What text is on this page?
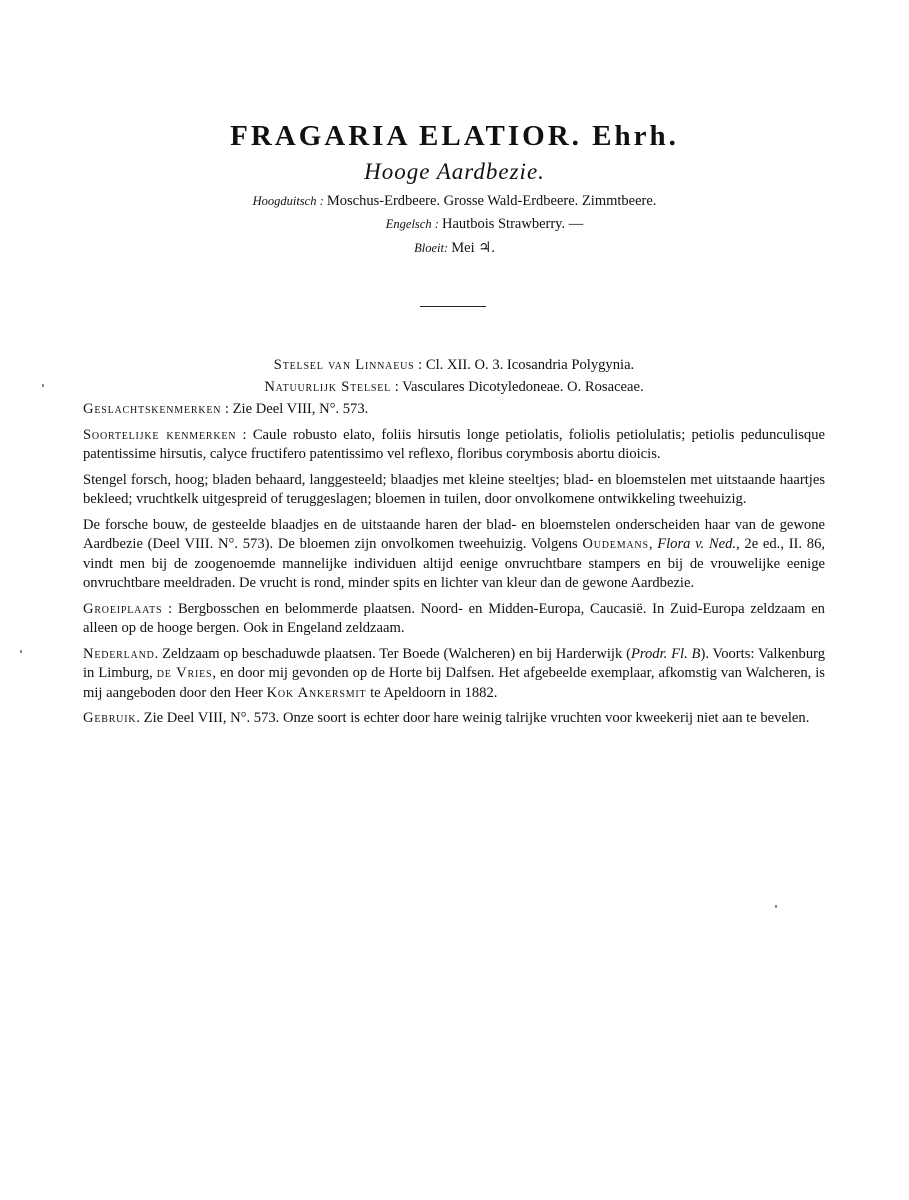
FRAGARIA ELATIOR. Ehrh.
Hooge Aardbezie.
Hoogduitsch : Moschus-Erdbeere. Grosse Wald-Erdbeere. Zimmtbeere.
Engelsch : Hautbois Strawberry. —
Bloeit: Mei ♃.

Stelsel van Linnaeus : Cl. XII. O. 3. Icosandria Polygynia.

Natuurlijk Stelsel : Vasculares Dicotyledoneae. O. Rosaceae.

Geslachtskenmerken : Zie Deel VIII, N°. 573.

Soortelijke kenmerken : Caule robusto elato, foliis hirsutis longe petiolatis, foliolis petiolulatis; petiolis pedunculisque patentissime hirsutis, calyce fructifero patentissimo vel reflexo, floribus corymbosis abortu dioicis.

Stengel forsch, hoog; bladen behaard, langgesteeld; blaadjes met kleine steeltjes; blad- en bloemstelen met uitstaande haartjes bekleed; vruchtkelk uitgespreid of teruggeslagen; bloemen in tuilen, door onvolkomene ontwikkeling tweehuizig.

De forsche bouw, de gesteelde blaadjes en de uitstaande haren der blad- en bloemstelen onderscheiden haar van de gewone Aardbezie (Deel VIII. N°. 573). De bloemen zijn onvolkomen tweehuizig. Volgens Oudemans, Flora v. Ned., 2e ed., II. 86, vindt men bij de zoogenoemde mannelijke individuen altijd eenige onvruchtbare stampers en bij de vrouwelijke eenige onvruchtbare meeldraden. De vrucht is rond, minder spits en lichter van kleur dan de gewone Aardbezie.

Groeiplaats : Bergbosschen en belommerde plaatsen. Noord- en Midden-Europa, Caucasië. In Zuid-Europa zeldzaam en alleen op de hooge bergen. Ook in Engeland zeldzaam.

Nederland. Zeldzaam op beschaduwde plaatsen. Ter Boede (Walcheren) en bij Harderwijk (Prodr. Fl. B). Voorts: Valkenburg in Limburg, de Vries, en door mij gevonden op de Horte bij Dalfsen. Het afgebeelde exemplaar, afkomstig van Walcheren, is mij aangeboden door den Heer Kok Ankersmit te Apeldoorn in 1882.

Gebruik. Zie Deel VIII, N°. 573. Onze soort is echter door hare weinig talrijke vruchten voor kweekerij niet aan te bevelen.
